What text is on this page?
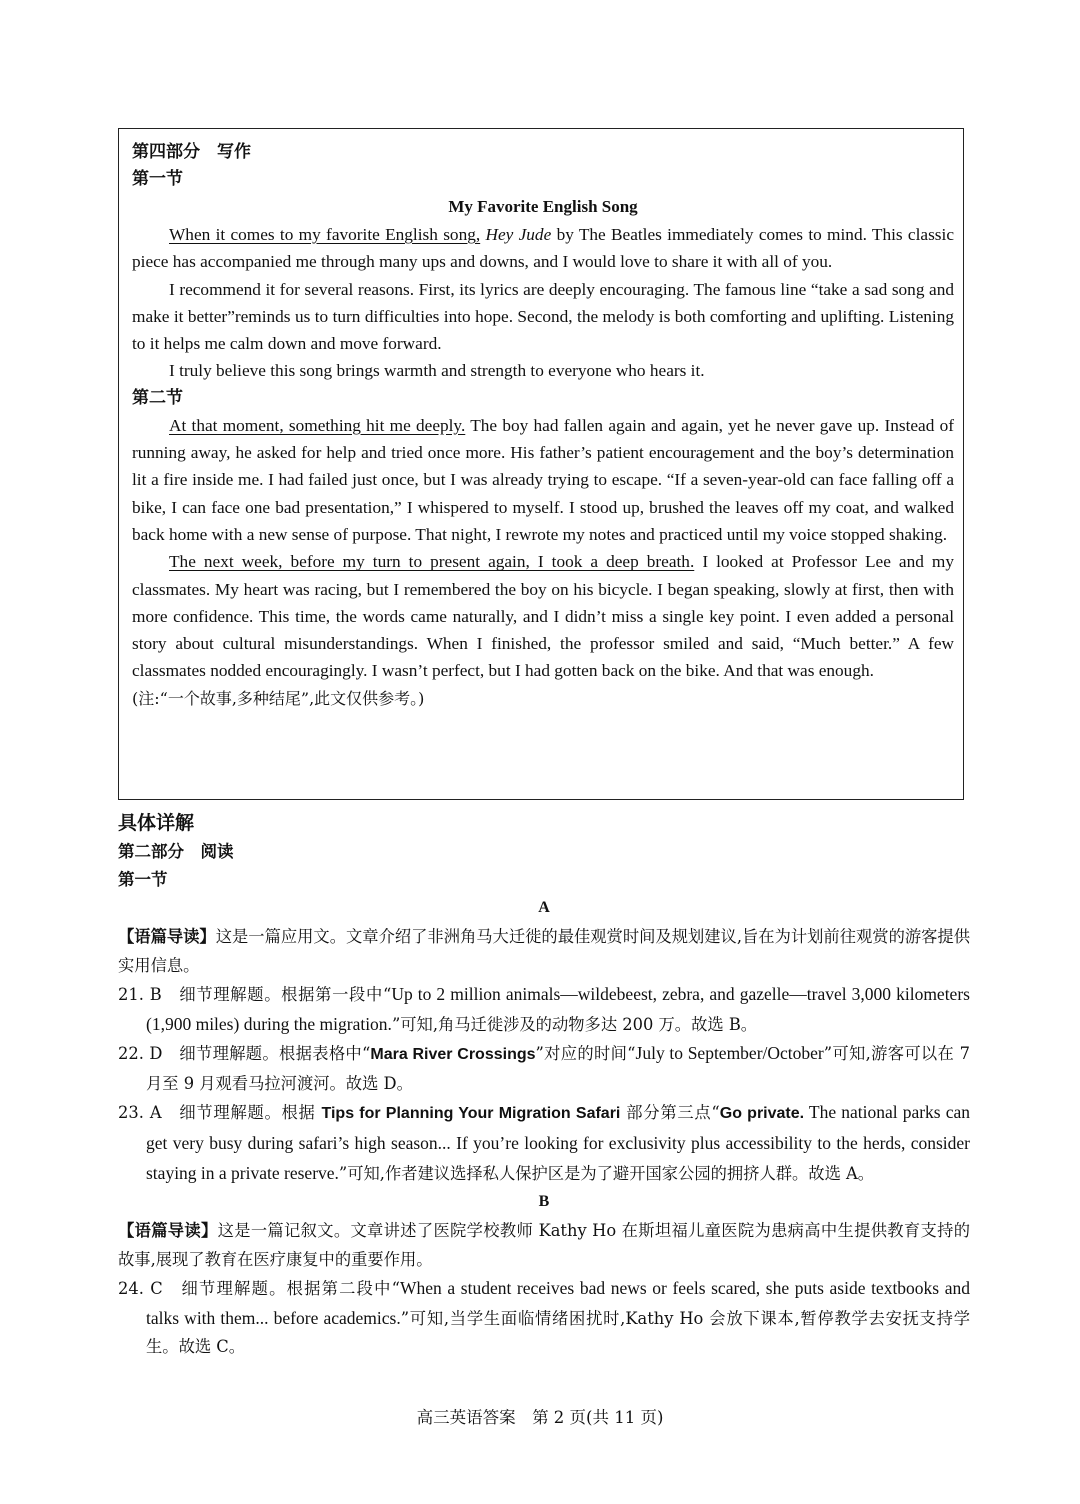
第四部分　写作
第一节
My Favorite English Song

When it comes to my favorite English song, Hey Jude by The Beatles immediately comes to mind. This classic piece has accompanied me through many ups and downs, and I would love to share it with all of you.

I recommend it for several reasons. First, its lyrics are deeply encouraging. The famous line “take a sad song and make it better”reminds us to turn difficulties into hope. Second, the melody is both comforting and uplifting. Listening to it helps me calm down and move forward.

I truly believe this song brings warmth and strength to everyone who hears it.

第二节

At that moment, something hit me deeply. The boy had fallen again and again, yet he never gave up. Instead of running away, he asked for help and tried once more. His father’s patient encouragement and the boy’s determination lit a fire inside me. I had failed just once, but I was already trying to escape. “If a seven-year-old can face falling off a bike, I can face one bad presentation,” I whispered to myself. I stood up, brushed the leaves off my coat, and walked back home with a new sense of purpose. That night, I rewrote my notes and practiced until my voice stopped shaking.

The next week, before my turn to present again, I took a deep breath. I looked at Professor Lee and my classmates. My heart was racing, but I remembered the boy on his bicycle. I began speaking, slowly at first, then with more confidence. This time, the words came naturally, and I didn’t miss a single key point. I even added a personal story about cultural misunderstandings. When I finished, the professor smiled and said, “Much better.” A few classmates nodded encouragingly. I wasn’t perfect, but I had gotten back on the bike. And that was enough.

(注:“一个故事,多种结尾”,此文仅供参考。)
具体详解
第二部分　阅读
第一节
A
【语篇导读】这是一篇应用文。文章介绍了非洲角马大迁徙的最佳观赏时间及规划建议,旨在为计划前往观赏的游客提供实用信息。
21. B　 细节理解题。根据第一段中“Up to 2 million animals—wildebeest, zebra, and gazelle—travel 3,000 kilometers (1,900 miles) during the migration.”可知,角马迁徙涉及的动物多达 200 万。故选 B。
22. D　 细节理解题。根据表格中“Mara River Crossings”对应的时间“July to September/October”可知,游客可以在 7 月至 9 月观看马拉河渡河。故选 D。
23. A　 细节理解题。根据 Tips for Planning Your Migration Safari 部分第三点“Go private. The national parks can get very busy during safari’s high season... If you’re looking for exclusivity plus accessibility to the herds, consider staying in a private reserve.”可知,作者建议选择私人保护区是为了避开国家公园的拥挤人群。故选 A。
B
【语篇导读】这是一篇记叙文。文章讲述了医院学校教师 Kathy Ho 在斯坦福儿童医院为患病高中生提供教育支持的故事,展现了教育在医疗康复中的重要作用。
24. C　 细节理解题。根据第二段中“When a student receives bad news or feels scared, she puts aside textbooks and talks with them... before academics.”可知,当学生面临情绪困扰时,Kathy Ho 会放下课本,暂停教学去安抚支持学生。故选 C。
高三英语答案　第 2 页(共 11 页)
